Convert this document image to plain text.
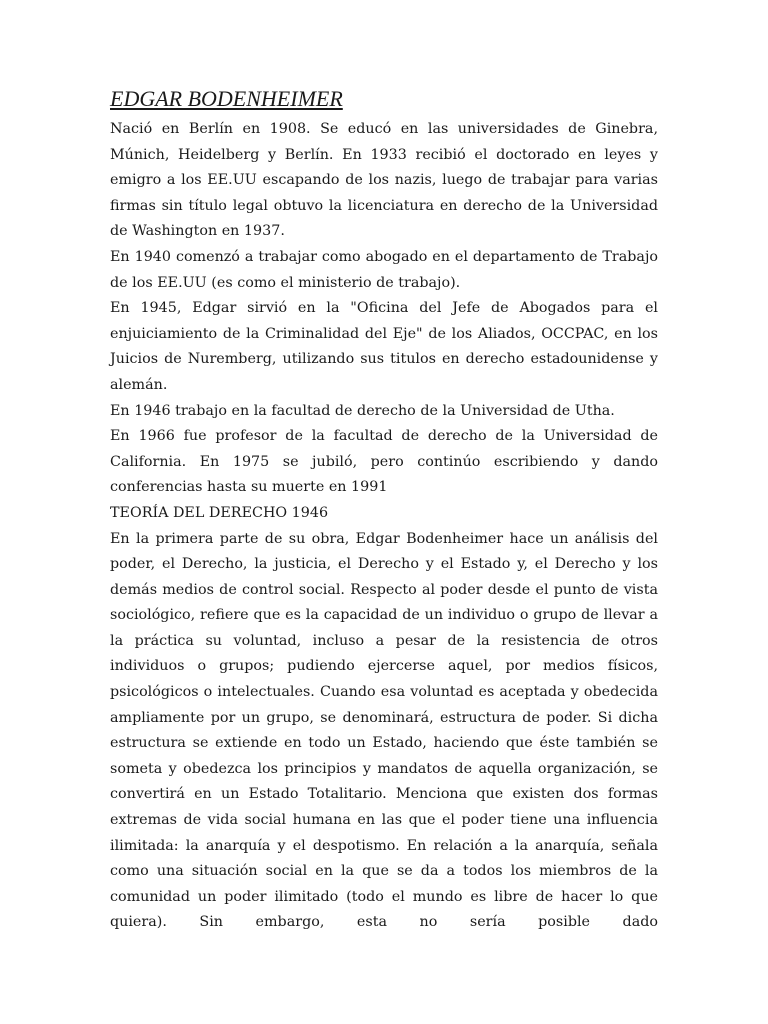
EDGAR BODENHEIMER

Nació en Berlín en 1908. Se educó en las universidades de Ginebra, Múnich, Heidelberg y Berlín. En 1933 recibió el doctorado en leyes y emigro a los EE.UU escapando de los nazis, luego de trabajar para varias firmas sin título legal obtuvo la licenciatura en derecho de la Universidad de Washington en 1937.

En 1940 comenzó a trabajar como abogado en el departamento de Trabajo de los EE.UU (es como el ministerio de trabajo).

En 1945, Edgar sirvió en la "Oficina del Jefe de Abogados para el enjuiciamiento de la Criminalidad del Eje" de los Aliados, OCCPAC, en los Juicios de Nuremberg, utilizando sus titulos en derecho estadounidense y alemán.

En 1946 trabajo en la facultad de derecho de la Universidad de Utha.

En 1966 fue profesor de la facultad de derecho de la Universidad de California. En 1975 se jubiló, pero continúo escribiendo y dando conferencias hasta su muerte en 1991

TEORÍA DEL DERECHO 1946

En la primera parte de su obra, Edgar Bodenheimer hace un análisis del poder, el Derecho, la justicia, el Derecho y el Estado y, el Derecho y los demás medios de control social. Respecto al poder desde el punto de vista sociológico, refiere que es la capacidad de un individuo o grupo de llevar a la práctica su voluntad, incluso a pesar de la resistencia de otros individuos o grupos; pudiendo ejercerse aquel, por medios físicos, psicológicos o intelectuales. Cuando esa voluntad es aceptada y obedecida ampliamente por un grupo, se denominará, estructura de poder. Si dicha estructura se extiende en todo un Estado, haciendo que éste también se someta y obedezca los principios y mandatos de aquella organización, se convertirá en un Estado Totalitario. Menciona que existen dos formas extremas de vida social humana en las que el poder tiene una influencia ilimitada: la anarquía y el despotismo. En relación a la anarquía, señala como una situación social en la que se da a todos los miembros de la comunidad un poder ilimitado (todo el mundo es libre de hacer lo que quiera). Sin embargo, esta no sería posible dado
